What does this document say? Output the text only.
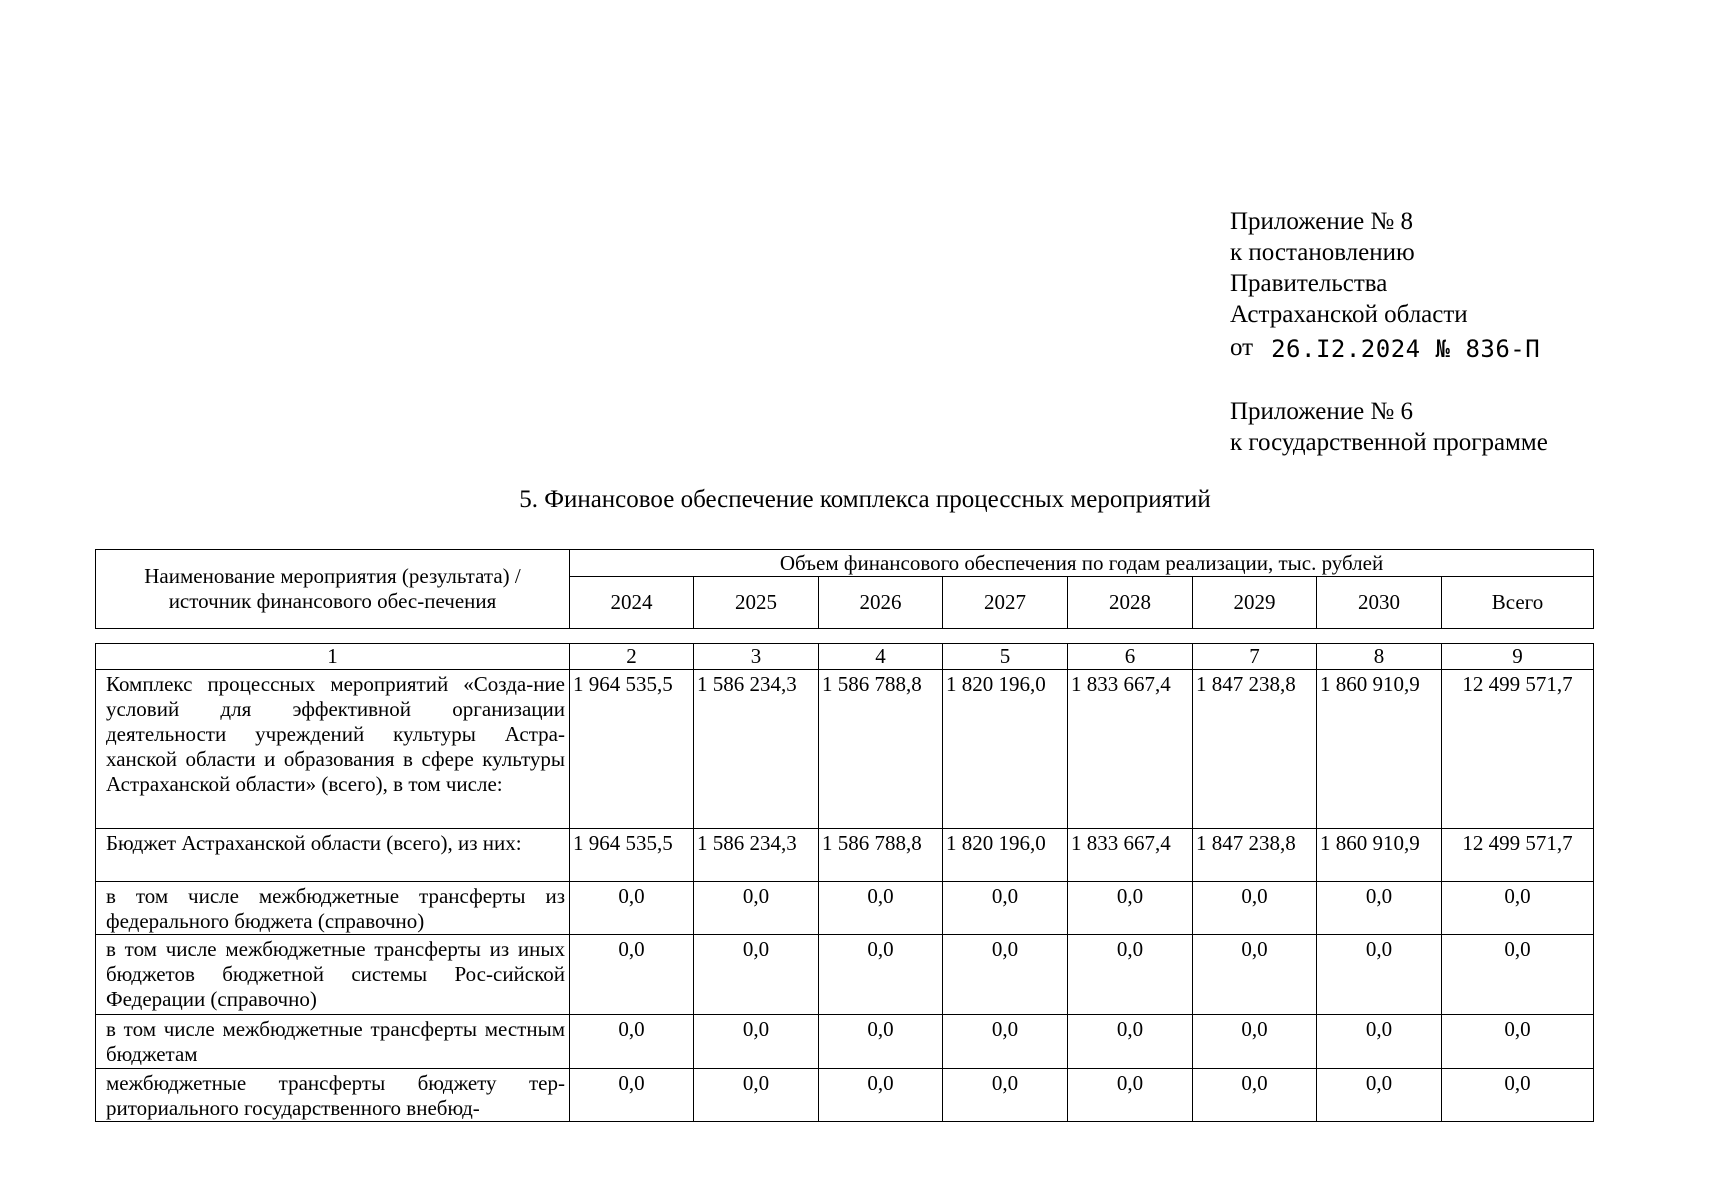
Приложение № 8
к постановлению
Правительства
Астраханской области
от 26.I2.2024 № 836-П
Приложение № 6
к государственной программе
5. Финансовое обеспечение комплекса процессных мероприятий
Наименование мероприятия (результата) / источник финансового обес-печения	Объем финансового обеспечения по годам реализации, тыс. рублей							
	2024	2025	2026	2027	2028	2029	2030	Всего
1	2	3	4	5	6	7	8	9
Комплекс процессных мероприятий «Созда-ние условий для эффективной организации деятельности учреждений культуры Астра-ханской области и образования в сфере культуры Астраханской области» (всего), в том числе:	1 964 535,5	1 586 234,3	1 586 788,8	1 820 196,0	1 833 667,4	1 847 238,8	1 860 910,9	12 499 571,7
Бюджет Астраханской области (всего), из них:	1 964 535,5	1 586 234,3	1 586 788,8	1 820 196,0	1 833 667,4	1 847 238,8	1 860 910,9	12 499 571,7
в том числе межбюджетные трансферты из федерального бюджета (справочно)	0,0	0,0	0,0	0,0	0,0	0,0	0,0	0,0
в том числе межбюджетные трансферты из иных бюджетов бюджетной системы Рос-сийской Федерации (справочно)	0,0	0,0	0,0	0,0	0,0	0,0	0,0	0,0
в том числе межбюджетные трансферты местным бюджетам	0,0	0,0	0,0	0,0	0,0	0,0	0,0	0,0
межбюджетные трансферты бюджету тер-риториального государственного внебюд-	0,0	0,0	0,0	0,0	0,0	0,0	0,0	0,0
